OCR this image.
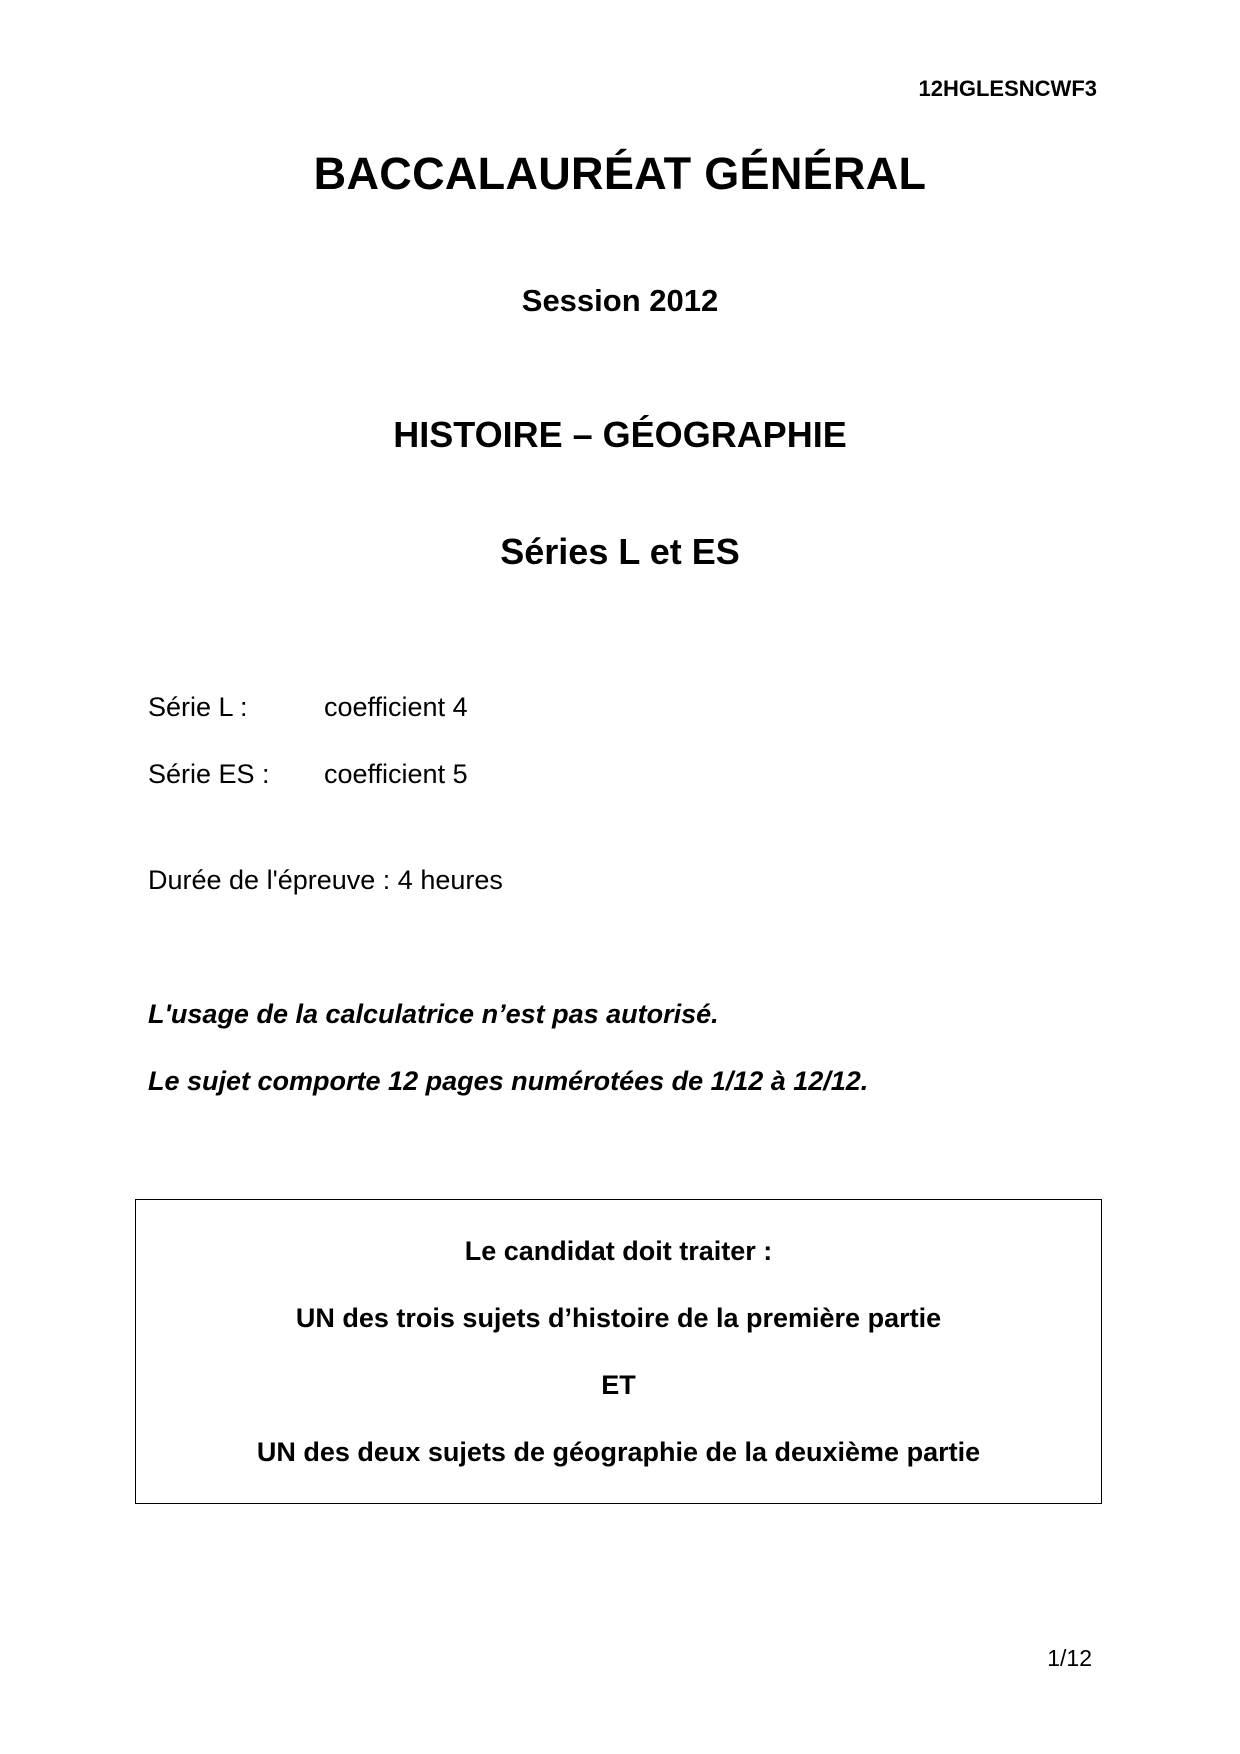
12HGLESNCWF3
BACCALAURÉAT GÉNÉRAL
Session 2012
HISTOIRE – GÉOGRAPHIE
Séries L et ES
Série L :	coefficient 4
Série ES : coefficient 5
Durée de l'épreuve : 4 heures
L'usage de la calculatrice n’est pas autorisé.
Le sujet comporte 12 pages numérotées de 1/12 à 12/12.
Le candidat doit traiter :
UN des trois sujets d’histoire de la première partie
ET
UN des deux sujets de géographie de la deuxième partie
1/12
